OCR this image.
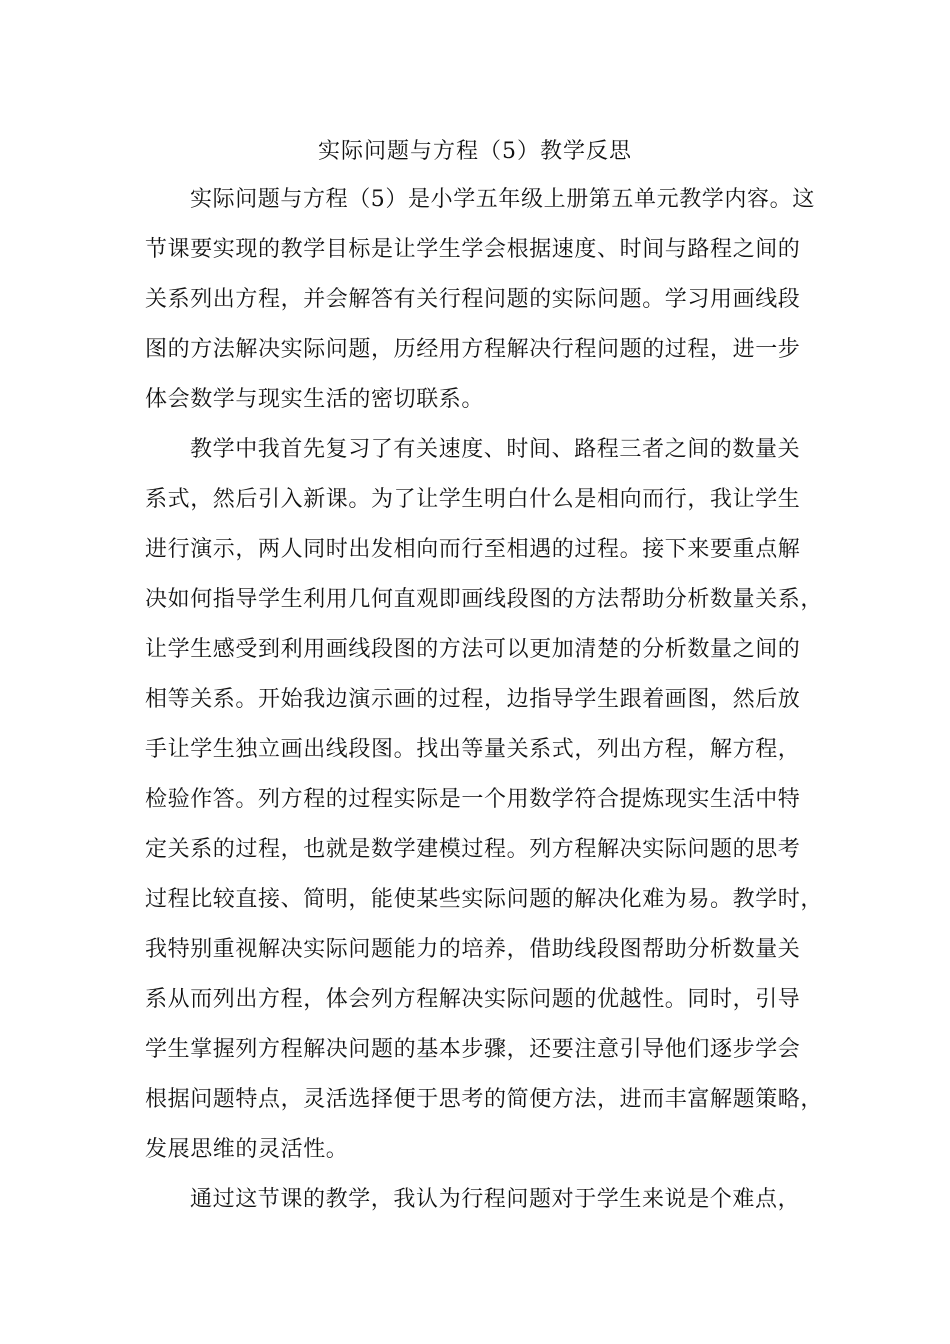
实际问题与方程（5）教学反思
实际问题与方程（5）是小学五年级上册第五单元教学内容。这
节课要实现的教学目标是让学生学会根据速度、时间与路程之间的
关系列出方程，并会解答有关行程问题的实际问题。学习用画线段
图的方法解决实际问题，历经用方程解决行程问题的过程，进一步
体会数学与现实生活的密切联系。
教学中我首先复习了有关速度、时间、路程三者之间的数量关
系式，然后引入新课。为了让学生明白什么是相向而行，我让学生
进行演示，两人同时出发相向而行至相遇的过程。接下来要重点解
决如何指导学生利用几何直观即画线段图的方法帮助分析数量关系，
让学生感受到利用画线段图的方法可以更加清楚的分析数量之间的
相等关系。开始我边演示画的过程，边指导学生跟着画图，然后放
手让学生独立画出线段图。找出等量关系式，列出方程，解方程，
检验作答。列方程的过程实际是一个用数学符合提炼现实生活中特
定关系的过程，也就是数学建模过程。列方程解决实际问题的思考
过程比较直接、简明，能使某些实际问题的解决化难为易。教学时，
我特别重视解决实际问题能力的培养，借助线段图帮助分析数量关
系从而列出方程，体会列方程解决实际问题的优越性。同时，引导
学生掌握列方程解决问题的基本步骤，还要注意引导他们逐步学会
根据问题特点，灵活选择便于思考的简便方法，进而丰富解题策略，
发展思维的灵活性。
通过这节课的教学，我认为行程问题对于学生来说是个难点，
